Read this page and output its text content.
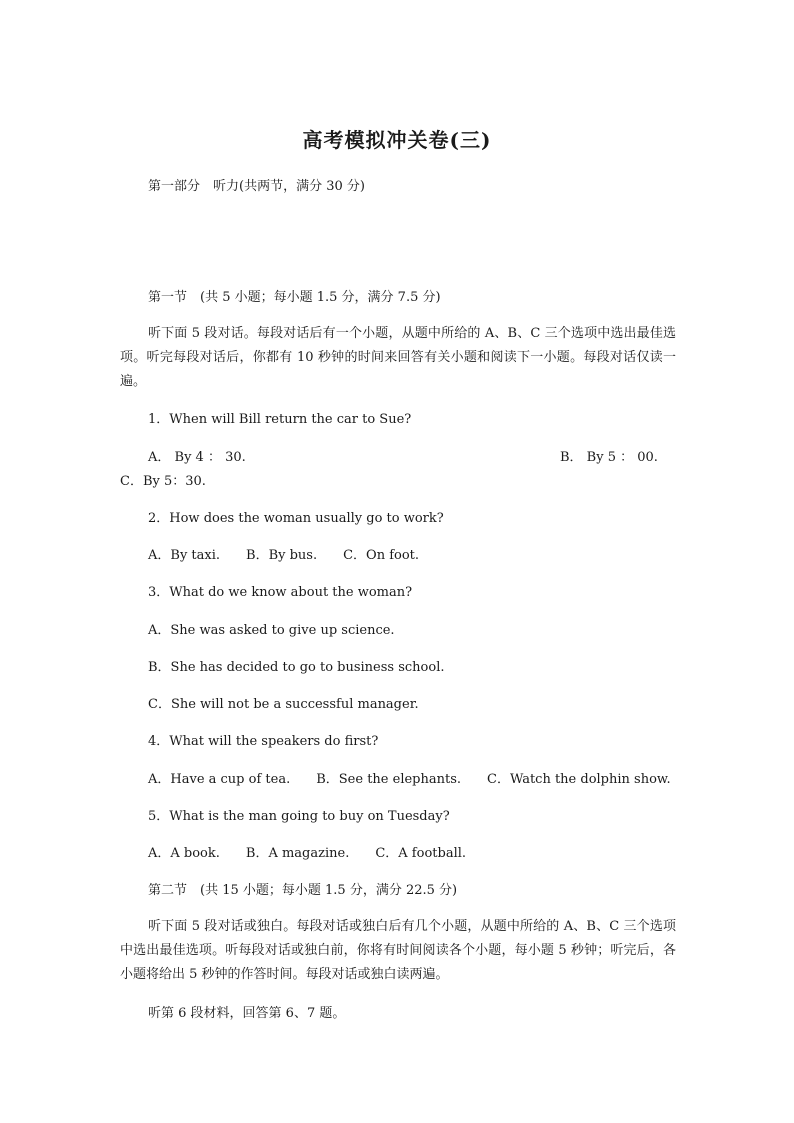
高考模拟冲关卷(三)
第一部分　听力(共两节，满分 30 分)
第一节　(共 5 小题；每小题 1.5 分，满分 7.5 分)
听下面 5 段对话。每段对话后有一个小题，从题中所给的 A、B、C 三个选项中选出最佳选项。听完每段对话后，你都有 10 秒钟的时间来回答有关小题和阅读下一小题。每段对话仅读一遍。
1．When will Bill return the car to Sue?
A． By 4 ： 30.	B． By 5 ： 00.
C．By 5：30.
2．How does the woman usually go to work?
A．By taxi. B．By bus. C．On foot.
3．What do we know about the woman?
A．She was asked to give up science.
B．She has decided to go to business school.
C．She will not be a successful manager.
4．What will the speakers do first?
A．Have a cup of tea. B．See the elephants. C．Watch the dolphin show.
5．What is the man going to buy on Tuesday?
A．A book. B．A magazine. C．A football.
第二节　(共 15 小题；每小题 1.5 分，满分 22.5 分)
听下面 5 段对话或独白。每段对话或独白后有几个小题，从题中所给的 A、B、C 三个选项中选出最佳选项。听每段对话或独白前，你将有时间阅读各个小题，每小题 5 秒钟；听完后，各小题将给出 5 秒钟的作答时间。每段对话或独白读两遍。
听第 6 段材料，回答第 6、7 题。
